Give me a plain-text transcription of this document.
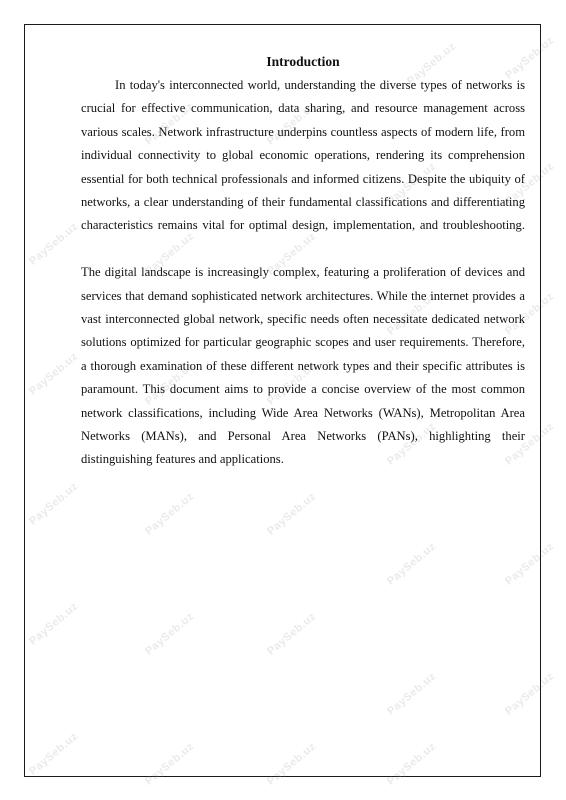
PaySeb.uz	PaySeb.uz
PaySeb.uz	PaySeb.uz
PaySeb.uz	PaySeb.uz
PaySeb.uz	PaySeb.uz	PaySeb.uz
PaySeb.uz	PaySeb.uz
PaySeb.uz	PaySeb.uz	PaySeb.uz
PaySeb.uz	PaySeb.uz
PaySeb.uz	PaySeb.uz	PaySeb.uz
PaySeb.uz	PaySeb.uz
PaySeb.uz	PaySeb.uz	PaySeb.uz
PaySeb.uz	PaySeb.uz
PaySeb.uz	PaySeb.uz	PaySeb.uz	PaySeb.uz
Introduction

In today's interconnected world, understanding the diverse types of networks is crucial for effective communication, data sharing, and resource management across various scales. Network infrastructure underpins countless aspects of modern life, from individual connectivity to global economic operations, rendering its comprehension essential for both technical professionals and informed citizens. Despite the ubiquity of networks, a clear understanding of their fundamental classifications and differentiating characteristics remains vital for optimal design, implementation, and troubleshooting.

The digital landscape is increasingly complex, featuring a proliferation of devices and services that demand sophisticated network architectures. While the internet provides a vast interconnected global network, specific needs often necessitate dedicated network solutions optimized for particular geographic scopes and user requirements. Therefore, a thorough examination of these different network types and their specific attributes is paramount. This document aims to provide a concise overview of the most common network classifications, including Wide Area Networks (WANs), Metropolitan Area Networks (MANs), and Personal Area Networks (PANs), highlighting their distinguishing features and applications.
